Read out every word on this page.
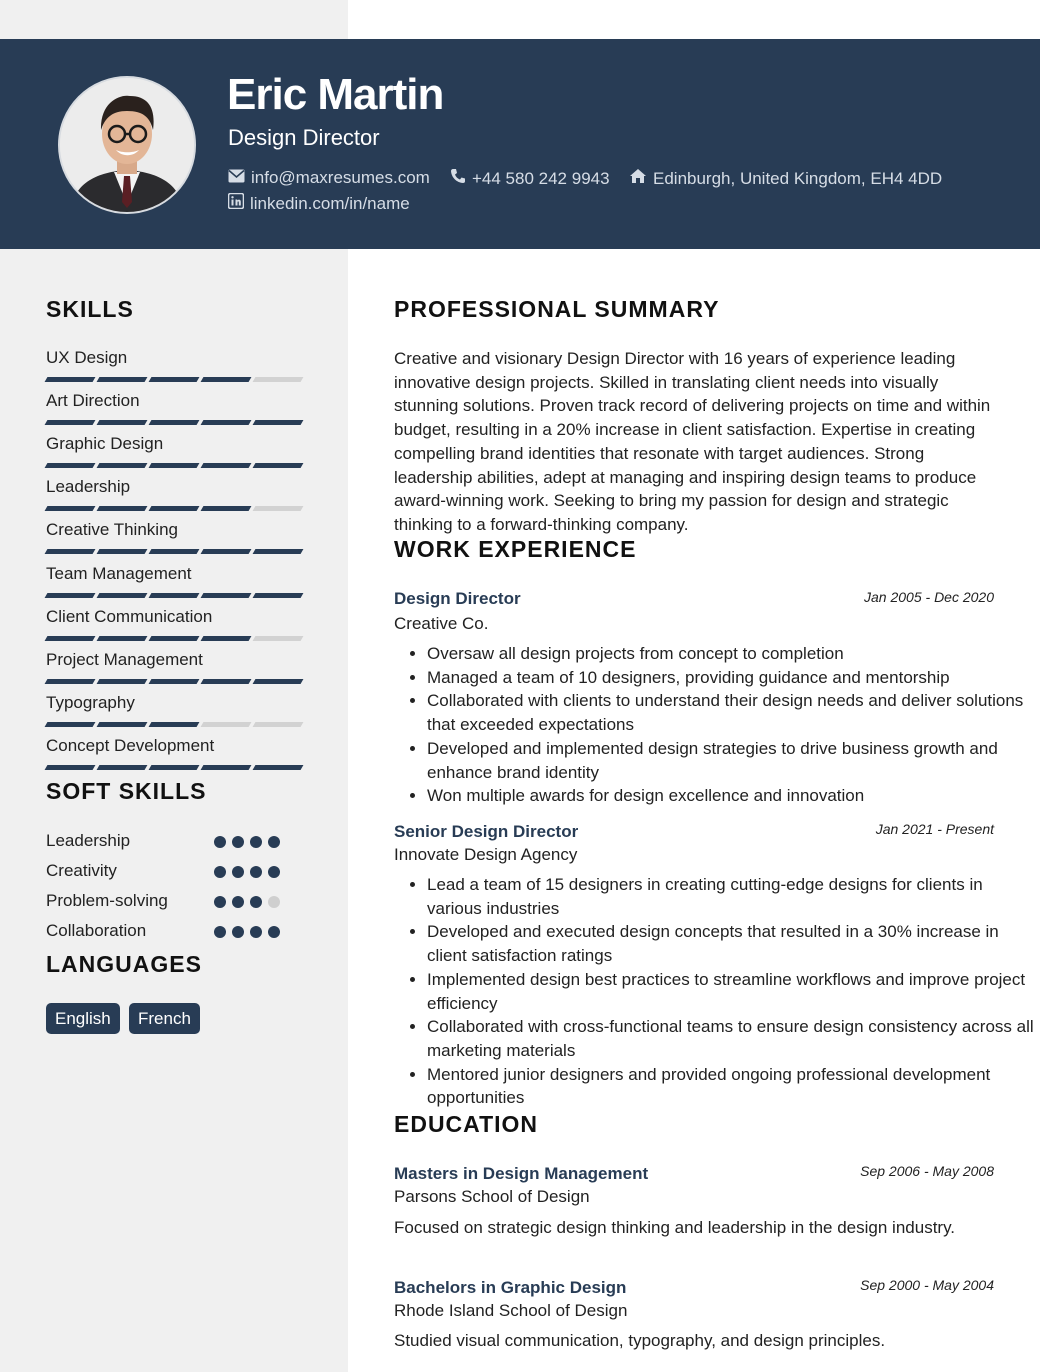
Eric Martin
Design Director
info@maxresumes.com +44 580 242 9943	Edinburgh, United Kingdom, EH4 4DD
linkedin.com/in/name
SKILLS
UX Design
Art Direction
Graphic Design
Leadership
Creative Thinking
Team Management
Client Communication
Project Management
Typography
Concept Development
SOFT SKILLS
Leadership
Creativity
Problem-solving
Collaboration
LANGUAGES
English	French
PROFESSIONAL SUMMARY
Creative and visionary Design Director with 16 years of experience leading innovative design projects. Skilled in translating client needs into visually stunning solutions. Proven track record of delivering projects on time and within budget, resulting in a 20% increase in client satisfaction. Expertise in creating compelling brand identities that resonate with target audiences. Strong leadership abilities, adept at managing and inspiring design teams to produce award-winning work. Seeking to bring my passion for design and strategic thinking to a forward-thinking company.
WORK EXPERIENCE
Design Director	Jan 2005 - Dec 2020
Creative Co.
• Oversaw all design projects from concept to completion
• Managed a team of 10 designers, providing guidance and mentorship
• Collaborated with clients to understand their design needs and deliver solutions that exceeded expectations
• Developed and implemented design strategies to drive business growth and enhance brand identity
• Won multiple awards for design excellence and innovation
Senior Design Director	Jan 2021 - Present
Innovate Design Agency
• Lead a team of 15 designers in creating cutting-edge designs for clients in various industries
• Developed and executed design concepts that resulted in a 30% increase in client satisfaction ratings
• Implemented design best practices to streamline workflows and improve project efficiency
• Collaborated with cross-functional teams to ensure design consistency across all marketing materials
• Mentored junior designers and provided ongoing professional development opportunities
EDUCATION
Masters in Design Management	Sep 2006 - May 2008
Parsons School of Design
Focused on strategic design thinking and leadership in the design industry.
Bachelors in Graphic Design	Sep 2000 - May 2004
Rhode Island School of Design
Studied visual communication, typography, and design principles.
